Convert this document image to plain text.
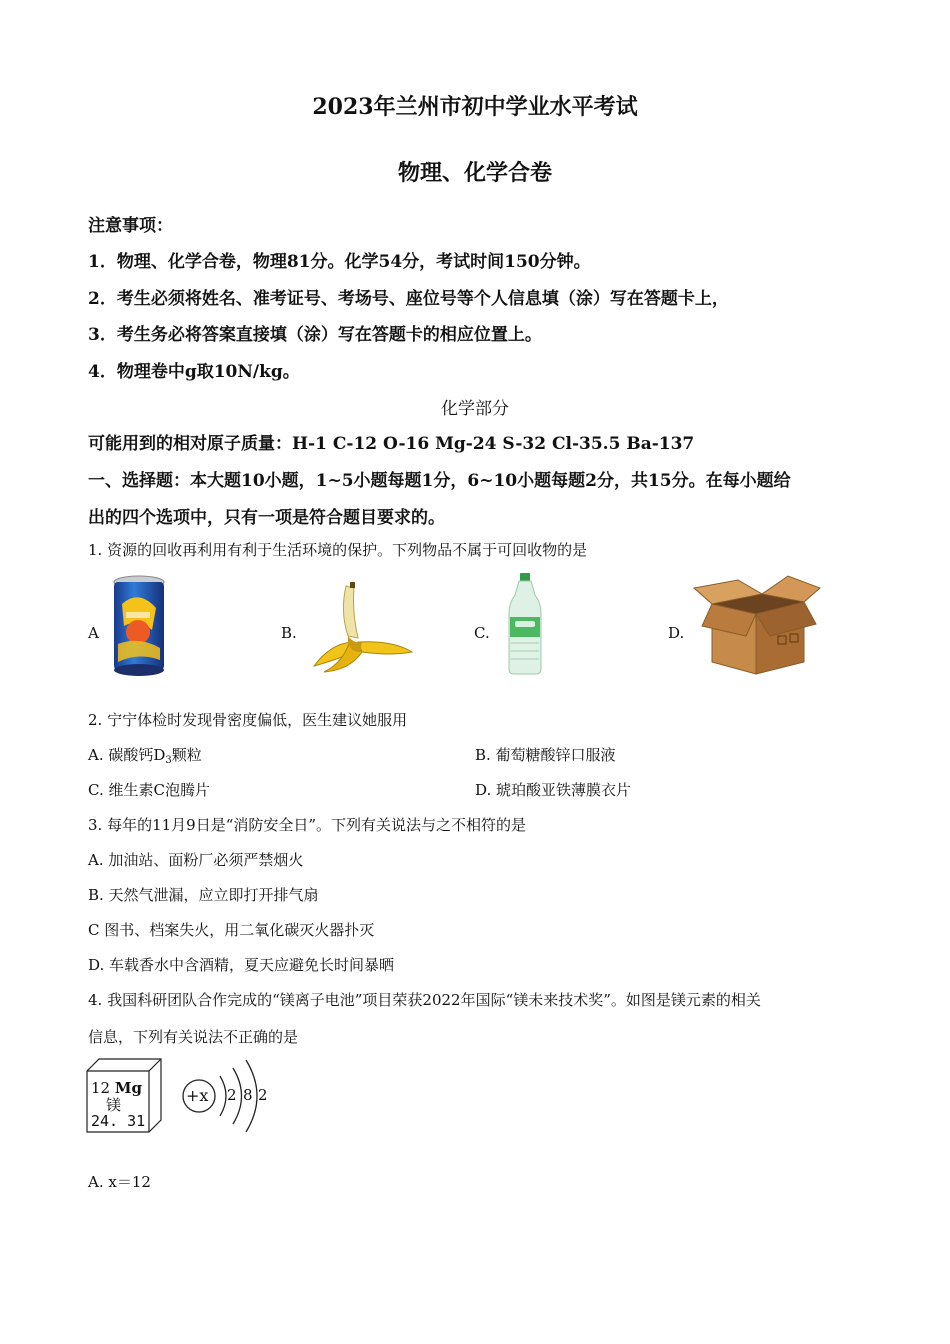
2023年兰州市初中学业水平考试
物理、化学合卷
注意事项：
1．物理、化学合卷，物理81分。化学54分，考试时间150分钟。
2．考生必须将姓名、准考证号、考场号、座位号等个人信息填（涂）写在答题卡上，
3．考生务必将答案直接填（涂）写在答题卡的相应位置上。
4．物理卷中g取10N/kg。
化学部分
可能用到的相对原子质量：H-1 C-12 O-16 Mg-24 S-32 Cl-35.5 Ba-137
一、选择题：本大题10小题，1~5小题每题1分，6~10小题每题2分，共15分。在每小题给
出的四个选项中，只有一项是符合题目要求的。
1. 资源的回收再利用有利于生活环境的保护。下列物品不属于可回收物的是
A	B.	C.	D.
2. 宁宁体检时发现骨密度偏低，医生建议她服用
A. 碳酸钙$D_3$颗粒	B. 葡萄糖酸锌口服液
C. 维生素C泡腾片	D. 琥珀酸亚铁薄膜衣片
3. 每年的11月9日是“消防安全日”。下列有关说法与之不相符的是
A. 加油站、面粉厂必须严禁烟火
B. 天然气泄漏，应立即打开排气扇
C 图书、档案失火，用二氧化碳灭火器扑灭
D. 车载香水中含酒精，夏天应避免长时间暴晒
4. 我国科研团队合作完成的“镁离子电池”项目荣获2022年国际“镁未来技术奖”。如图是镁元素的相关
信息，下列有关说法不正确的是
12 Mg
镁
24. 31
+x 2 8 2
A. x＝12
